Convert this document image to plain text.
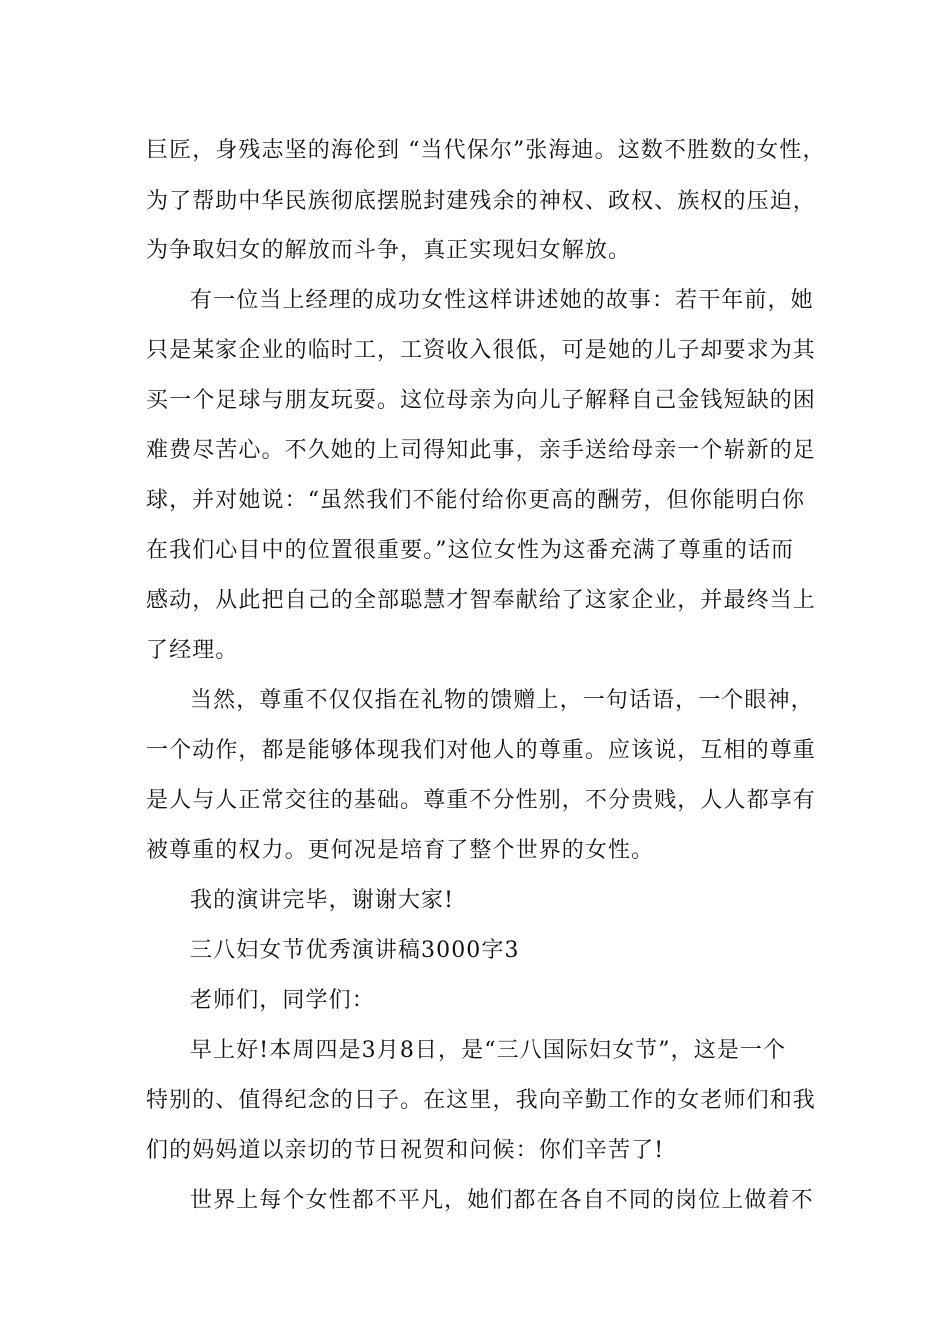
巨匠，身残志坚的海伦到 “当代保尔”张海迪。这数不胜数的女性，
为了帮助中华民族彻底摆脱封建残余的神权、政权、族权的压迫，
为争取妇女的解放而斗争，真正实现妇女解放。
有一位当上经理的成功女性这样讲述她的故事：若干年前，她
只是某家企业的临时工，工资收入很低，可是她的儿子却要求为其
买一个足球与朋友玩耍。这位母亲为向儿子解释自己金钱短缺的困
难费尽苦心。不久她的上司得知此事，亲手送给母亲一个崭新的足
球，并对她说：“虽然我们不能付给你更高的酬劳，但你能明白你
在我们心目中的位置很重要。”这位女性为这番充满了尊重的话而
感动，从此把自己的全部聪慧才智奉献给了这家企业，并最终当上
了经理。
当然，尊重不仅仅指在礼物的馈赠上，一句话语，一个眼神，
一个动作，都是能够体现我们对他人的尊重。应该说，互相的尊重
是人与人正常交往的基础。尊重不分性别，不分贵贱，人人都享有
被尊重的权力。更何况是培育了整个世界的女性。
我的演讲完毕，谢谢大家!
三八妇女节优秀演讲稿3000字3
老师们，同学们：
早上好!本周四是3月8日，是“三八国际妇女节”，这是一个
特别的、值得纪念的日子。在这里，我向辛勤工作的女老师们和我
们的妈妈道以亲切的节日祝贺和问候：你们辛苦了!
世界上每个女性都不平凡，她们都在各自不同的岗位上做着不
